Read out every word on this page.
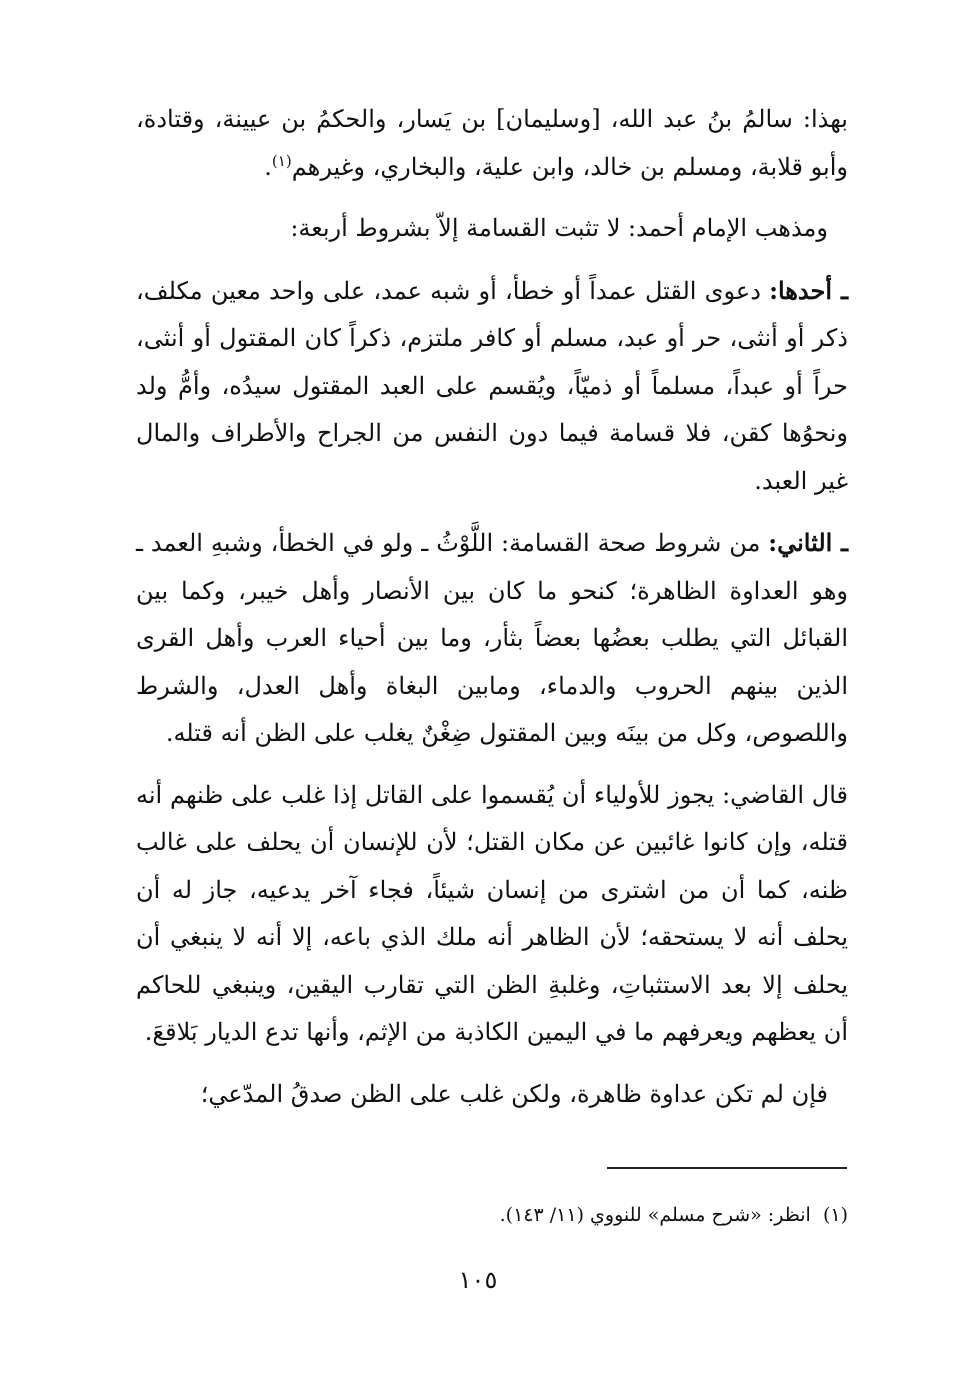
بهذا: سالمُ بنُ عبد الله، [وسليمان] بن يَسار، والحكمُ بن عيينة، وقتادة، وأبو قلابة، ومسلم بن خالد، وابن علية، والبخاري، وغيرهم$^{(١)}$.

ومذهب الإمام أحمد: لا تثبت القسامة إلاّ بشروط أربعة:

ـ أحدها: دعوى القتل عمداً أو خطأ، أو شبه عمد، على واحد معين مكلف، ذكر أو أنثى، حر أو عبد، مسلم أو كافر ملتزم، ذكراً كان المقتول أو أنثى، حراً أو عبداً، مسلماً أو ذميّاً، ويُقسم على العبد المقتول سيدُه، وأمُّ ولد ونحوُها كقن، فلا قسامة فيما دون النفس من الجراح والأطراف والمال غير العبد.

ـ الثاني: من شروط صحة القسامة: اللَّوْثُ ـ ولو في الخطأ، وشبهِ العمد ـ وهو العداوة الظاهرة؛ كنحو ما كان بين الأنصار وأهل خيبر، وكما بين القبائل التي يطلب بعضُها بعضاً بثأر، وما بين أحياء العرب وأهل القرى الذين بينهم الحروب والدماء، ومابين البغاة وأهل العدل، والشرط واللصوص، وكل من بينَه وبين المقتول ضِغْنٌ يغلب على الظن أنه قتله.

قال القاضي: يجوز للأولياء أن يُقسموا على القاتل إذا غلب على ظنهم أنه قتله، وإن كانوا غائبين عن مكان القتل؛ لأن للإنسان أن يحلف على غالب ظنه، كما أن من اشترى من إنسان شيئاً، فجاء آخر يدعيه، جاز له أن يحلف أنه لا يستحقه؛ لأن الظاهر أنه ملك الذي باعه، إلا أنه لا ينبغي أن يحلف إلا بعد الاستثباتِ، وغلبةِ الظن التي تقارب اليقين، وينبغي للحاكم أن يعظهم ويعرفهم ما في اليمين الكاذبة من الإثم، وأنها تدع الديار بَلاقعَ.

فإن لم تكن عداوة ظاهرة، ولكن غلب على الظن صدقُ المدّعي؛

(١)  انظر: «شرح مسلم» للنووي (١١/ ١٤٣).
١٠٥
